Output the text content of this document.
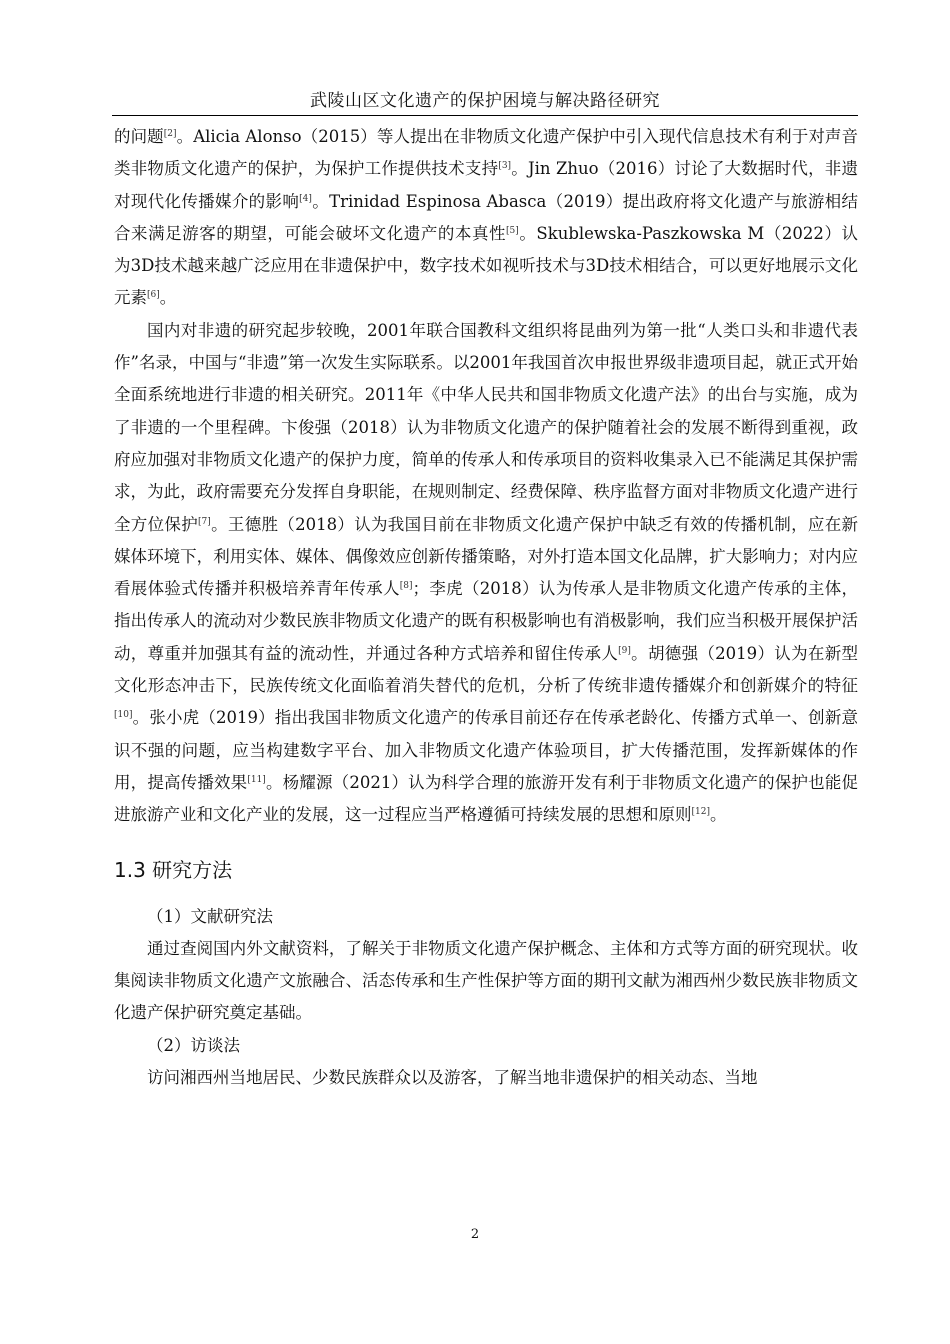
武陵山区文化遗产的保护困境与解决路径研究

的问题[2]。Alicia Alonso（2015）等人提出在非物质文化遗产保护中引入现代信息技术有利于对声音类非物质文化遗产的保护，为保护工作提供技术支持[3]。Jin Zhuo（2016）讨论了大数据时代，非遗对现代化传播媒介的影响[4]。Trinidad Espinosa Abasca（2019）提出政府将文化遗产与旅游相结合来满足游客的期望，可能会破坏文化遗产的本真性[5]。Skublewska-Paszkowska M（2022）认为3D技术越来越广泛应用在非遗保护中，数字技术如视听技术与3D技术相结合，可以更好地展示文化元素[6]。

国内对非遗的研究起步较晚，2001年联合国教科文组织将昆曲列为第一批“人类口头和非遗代表作”名录，中国与“非遗”第一次发生实际联系。以2001年我国首次申报世界级非遗项目起，就正式开始全面系统地进行非遗的相关研究。2011年《中华人民共和国非物质文化遗产法》的出台与实施，成为了非遗的一个里程碑。卞俊强（2018）认为非物质文化遗产的保护随着社会的发展不断得到重视，政府应加强对非物质文化遗产的保护力度，简单的传承人和传承项目的资料收集录入已不能满足其保护需求，为此，政府需要充分发挥自身职能，在规则制定、经费保障、秩序监督方面对非物质文化遗产进行全方位保护[7]。王德胜（2018）认为我国目前在非物质文化遗产保护中缺乏有效的传播机制，应在新媒体环境下，利用实体、媒体、偶像效应创新传播策略，对外打造本国文化品牌，扩大影响力；对内应看展体验式传播并积极培养青年传承人[8]；李虎（2018）认为传承人是非物质文化遗产传承的主体，指出传承人的流动对少数民族非物质文化遗产的既有积极影响也有消极影响，我们应当积极开展保护活动，尊重并加强其有益的流动性，并通过各种方式培养和留住传承人[9]。胡德强（2019）认为在新型文化形态冲击下，民族传统文化面临着消失替代的危机，分析了传统非遗传播媒介和创新媒介的特征[10]。张小虎（2019）指出我国非物质文化遗产的传承目前还存在传承老龄化、传播方式单一、创新意识不强的问题，应当构建数字平台、加入非物质文化遗产体验项目，扩大传播范围，发挥新媒体的作用，提高传播效果[11]。杨耀源（2021）认为科学合理的旅游开发有利于非物质文化遗产的保护也能促进旅游产业和文化产业的发展，这一过程应当严格遵循可持续发展的思想和原则[12]。

1.3 研究方法

（1）文献研究法

通过查阅国内外文献资料，了解关于非物质文化遗产保护概念、主体和方式等方面的研究现状。收集阅读非物质文化遗产文旅融合、活态传承和生产性保护等方面的期刊文献为湘西州少数民族非物质文化遗产保护研究奠定基础。

（2）访谈法

访问湘西州当地居民、少数民族群众以及游客，了解当地非遗保护的相关动态、当地

2
